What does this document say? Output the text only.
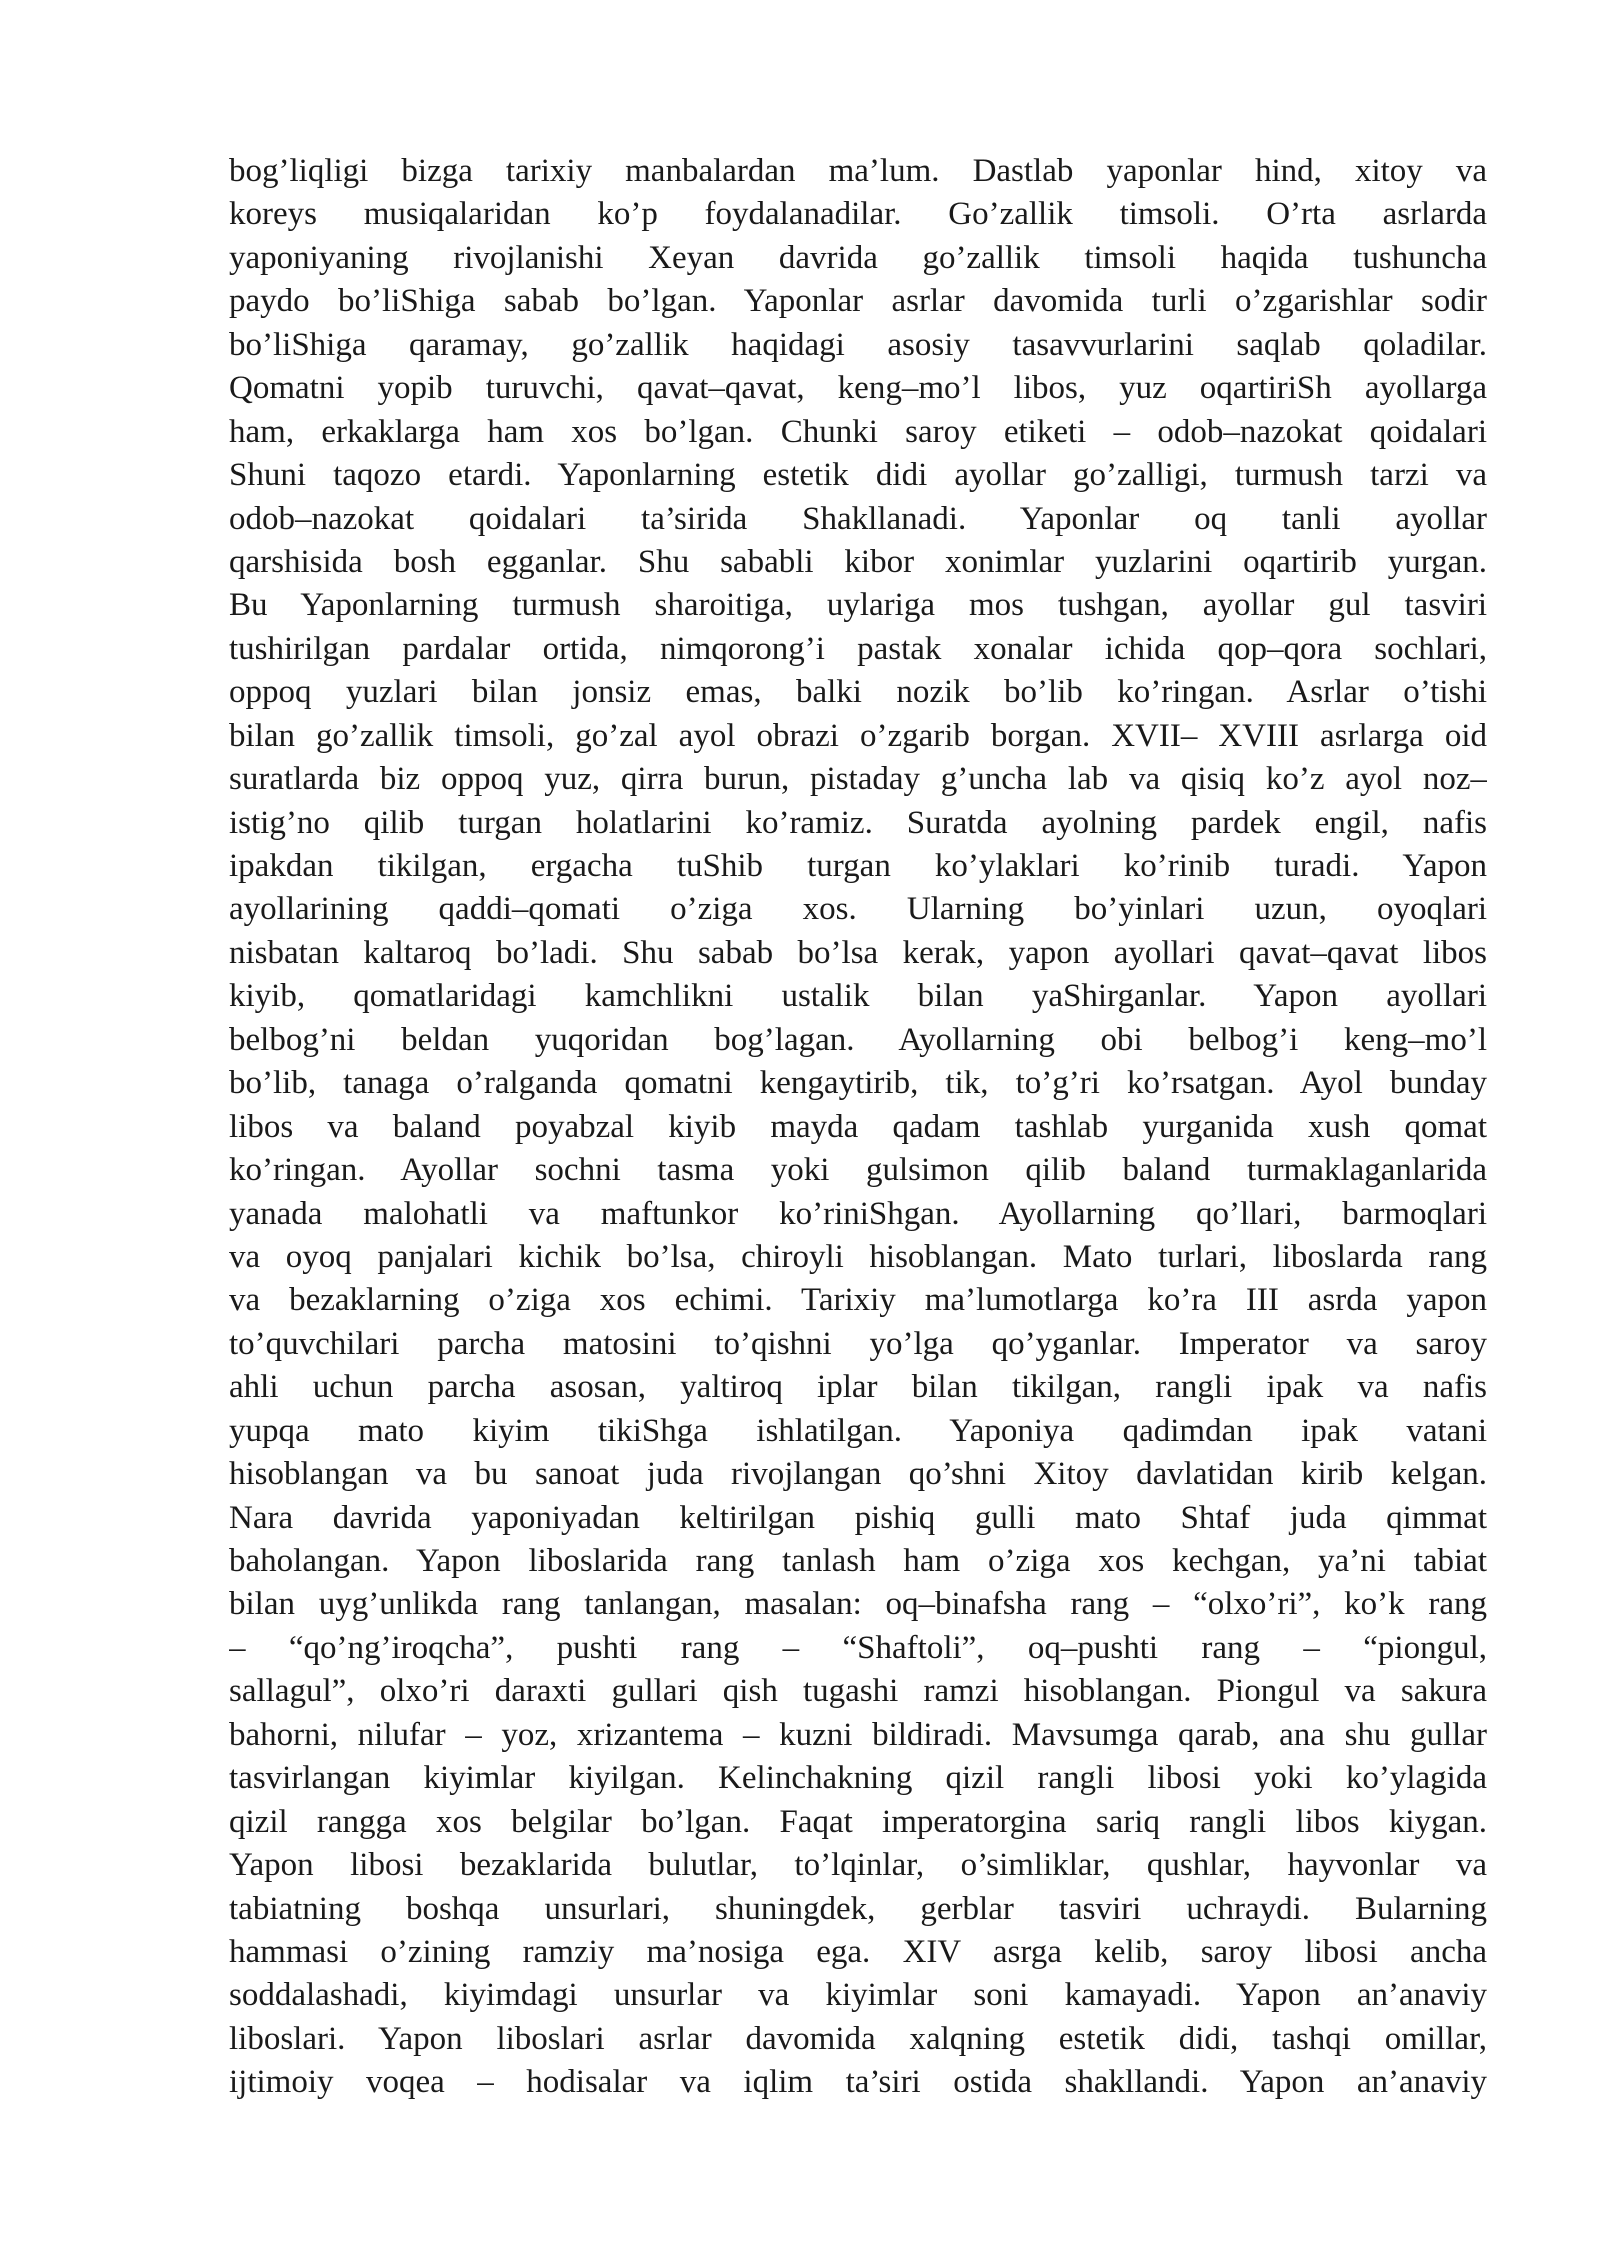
bog’liqligi bizga tarixiy manbalardan ma’lum. Dastlab yaponlar hind, xitoy va
koreys musiqalaridan ko’p foydalanadilar. Go’zallik timsoli. O’rta asrlarda
yaponiyaning rivojlanishi Xeyan davrida go’zallik timsoli haqida tushuncha
paydo bo’liShiga sabab bo’lgan. Yaponlar asrlar davomida turli o’zgarishlar sodir
bo’liShiga qaramay, go’zallik haqidagi asosiy tasavvurlarini saqlab qoladilar.
Qomatni yopib turuvchi, qavat–qavat, keng–mo’l libos, yuz oqartiriSh ayollarga
ham, erkaklarga ham xos bo’lgan. Chunki saroy etiketi – odob–nazokat qoidalari
Shuni taqozo etardi. Yaponlarning estetik didi ayollar go’zalligi, turmush tarzi va
odob–nazokat qoidalari ta’sirida Shakllanadi. Yaponlar oq tanli ayollar
qarshisida bosh egganlar. Shu sababli kibor xonimlar yuzlarini oqartirib yurgan.
Bu Yaponlarning turmush sharoitiga, uylariga mos tushgan, ayollar gul tasviri
tushirilgan pardalar ortida, nimqorong’i pastak xonalar ichida qop–qora sochlari,
oppoq yuzlari bilan jonsiz emas, balki nozik bo’lib ko’ringan. Asrlar o’tishi
bilan go’zallik timsoli, go’zal ayol obrazi o’zgarib borgan. XVII– XVIII asrlarga oid
suratlarda biz oppoq yuz, qirra burun, pistaday g’uncha lab va qisiq ko’z ayol noz–
istig’no qilib turgan holatlarini ko’ramiz. Suratda ayolning pardek engil, nafis
ipakdan tikilgan, ergacha tuShib turgan ko’ylaklari ko’rinib turadi. Yapon
ayollarining qaddi–qomati o’ziga xos. Ularning bo’yinlari uzun, oyoqlari
nisbatan kaltaroq bo’ladi. Shu sabab bo’lsa kerak, yapon ayollari qavat–qavat libos
kiyib, qomatlaridagi kamchlikni ustalik bilan yaShirganlar. Yapon ayollari
belbog’ni beldan yuqoridan bog’lagan. Ayollarning obi belbog’i keng–mo’l
bo’lib, tanaga o’ralganda qomatni kengaytirib, tik, to’g’ri ko’rsatgan. Ayol bunday
libos va baland poyabzal kiyib mayda qadam tashlab yurganida xush qomat
ko’ringan. Ayollar sochni tasma yoki gulsimon qilib baland turmaklaganlarida
yanada malohatli va maftunkor ko’riniShgan. Ayollarning qo’llari, barmoqlari
va oyoq panjalari kichik bo’lsa, chiroyli hisoblangan. Mato turlari, liboslarda rang
va bezaklarning o’ziga xos echimi. Tarixiy ma’lumotlarga ko’ra III asrda yapon
to’quvchilari parcha matosini to’qishni yo’lga qo’yganlar. Imperator va saroy
ahli uchun parcha asosan, yaltiroq iplar bilan tikilgan, rangli ipak va nafis
yupqa mato kiyim tikiShga ishlatilgan. Yaponiya qadimdan ipak vatani
hisoblangan va bu sanoat juda rivojlangan qo’shni Xitoy davlatidan kirib kelgan.
Nara davrida yaponiyadan keltirilgan pishiq gulli mato Shtaf juda qimmat
baholangan. Yapon liboslarida rang tanlash ham o’ziga xos kechgan, ya’ni tabiat
bilan uyg’unlikda rang tanlangan, masalan: oq–binafsha rang – “olxo’ri”, ko’k rang
– “qo’ng’iroqcha”, pushti rang – “Shaftoli”, oq–pushti rang – “piongul,
sallagul”, olxo’ri daraxti gullari qish tugashi ramzi hisoblangan. Piongul va sakura
bahorni, nilufar – yoz, xrizantema – kuzni bildiradi. Mavsumga qarab, ana shu gullar
tasvirlangan kiyimlar kiyilgan. Kelinchakning qizil rangli libosi yoki ko’ylagida
qizil rangga xos belgilar bo’lgan. Faqat imperatorgina sariq rangli libos kiygan.
Yapon libosi bezaklarida bulutlar, to’lqinlar, o’simliklar, qushlar, hayvonlar va
tabiatning boshqa unsurlari, shuningdek, gerblar tasviri uchraydi. Bularning
hammasi o’zining ramziy ma’nosiga ega. XIV asrga kelib, saroy libosi ancha
soddalashadi, kiyimdagi unsurlar va kiyimlar soni kamayadi. Yapon an’anaviy
liboslari. Yapon liboslari asrlar davomida xalqning estetik didi, tashqi omillar,
ijtimoiy voqea – hodisalar va iqlim ta’siri ostida shakllandi. Yapon an’anaviy
